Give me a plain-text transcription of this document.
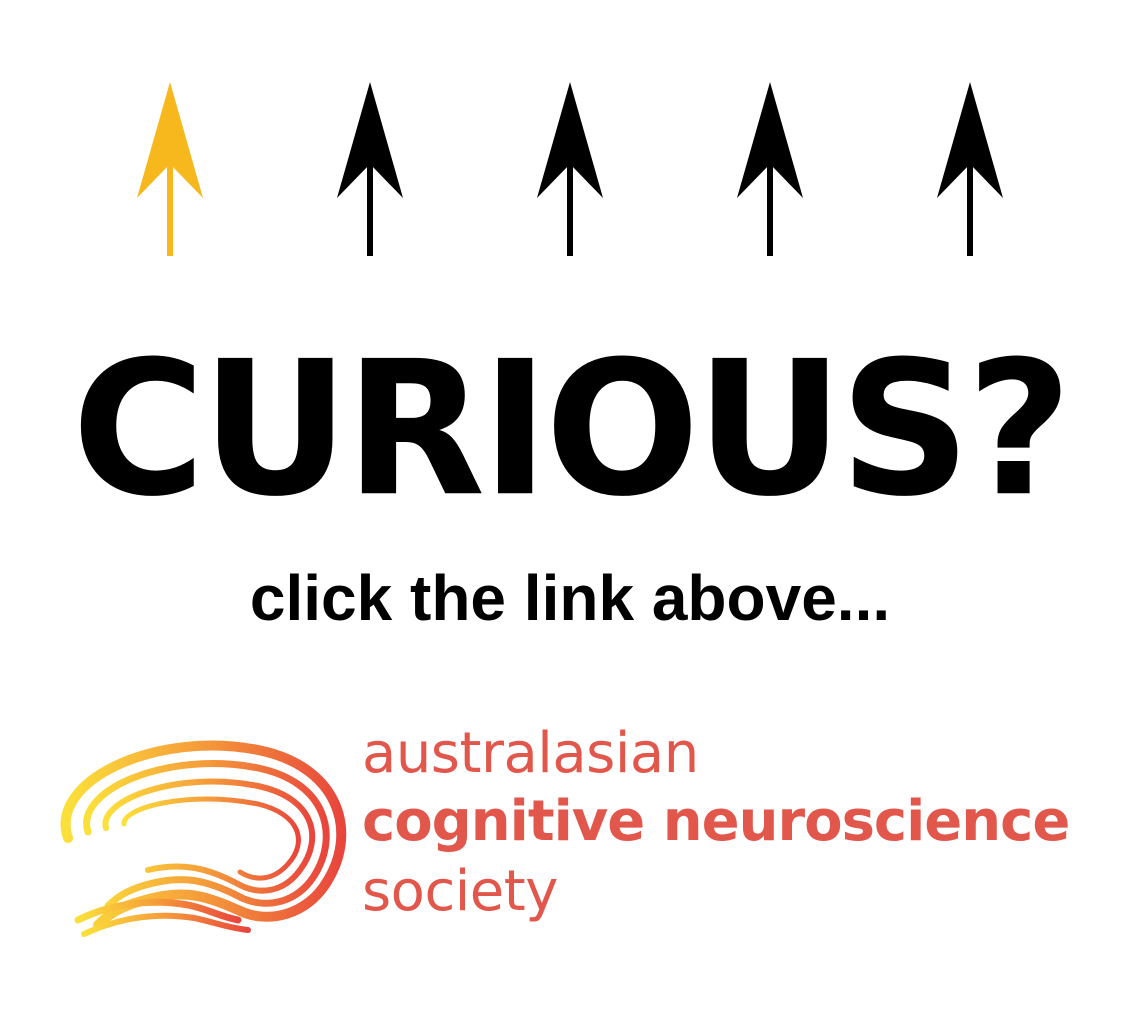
CURIOUS?
click the link above...
australasian
cognitive neuroscience
society
